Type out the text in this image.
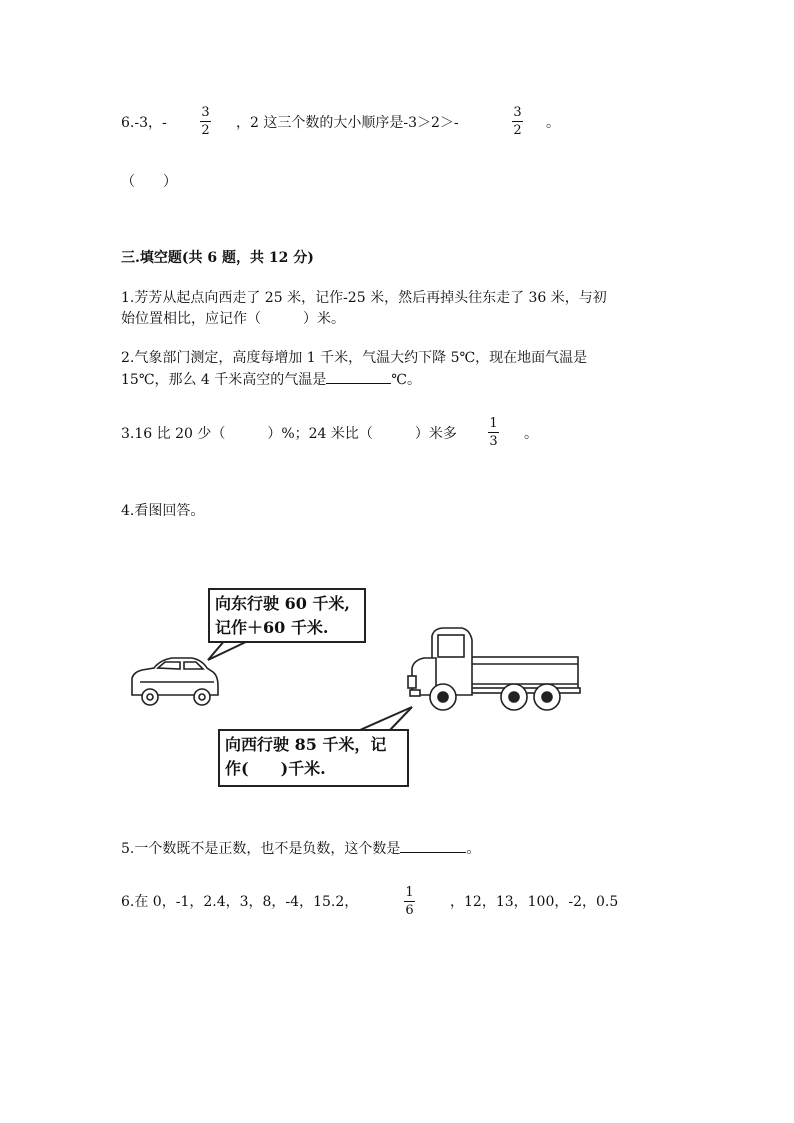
6.-3，-
3
2 ，2 这三个数的大小顺序是-3＞2＞-
3
2 。
（　　）
三.填空题(共 6 题，共 12 分)
1.芳芳从起点向西走了 25 米，记作-25 米，然后再掉头往东走了 36 米，与初
始位置相比，应记作（　　　）米。
2.气象部门测定，高度每增加 1 千米，气温大约下降 5℃，现在地面气温是
15℃，那么 4 千米高空的气温是	℃。
3.16 比 20 少（　　　）%；24 米比（　　　）米多
1
3 。
4.看图回答。
向东行驶 60 千米,
记作＋60 千米.
向西行驶 85 千米，记
作(　　)千米.
5.一个数既不是正数，也不是负数，这个数是	。
6.在 0，-1，2.4，3，8，-4，15.2，
1
6
，12，13，100，-2，0.5
